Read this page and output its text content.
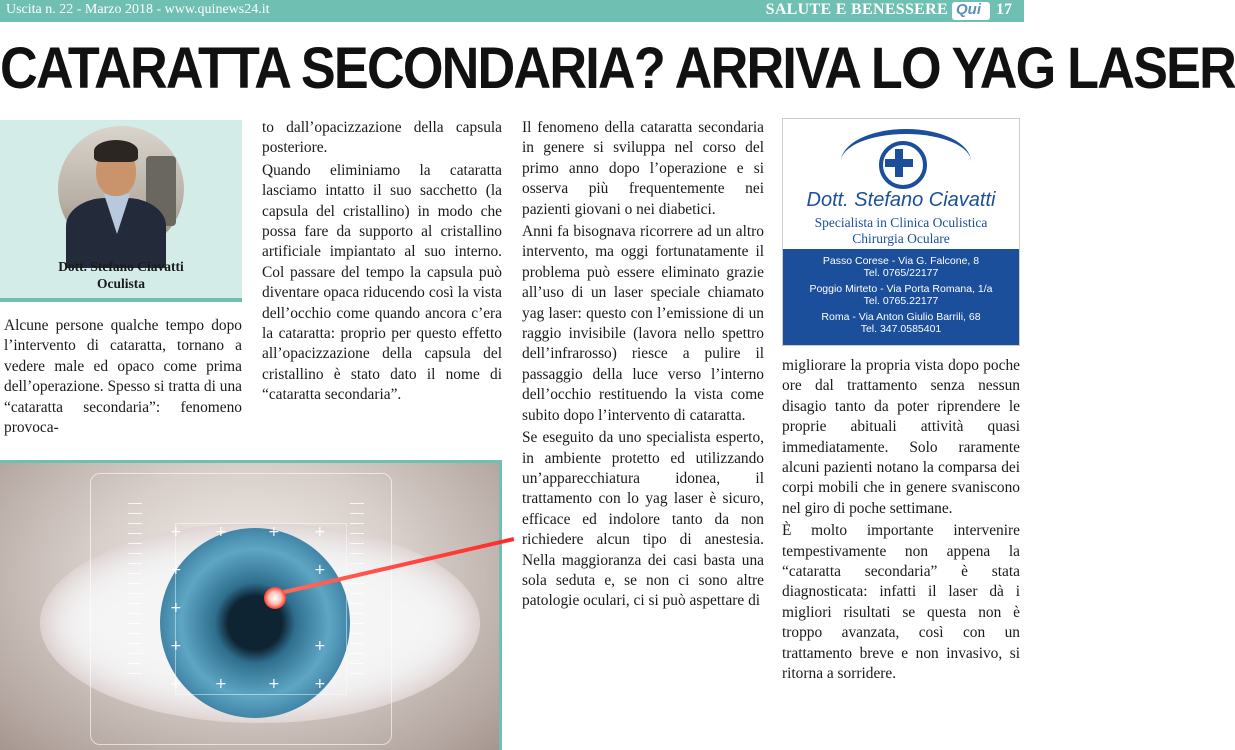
Uscita n. 22 - Marzo 2018 - www.quinews24.it	SALUTE E BENESSERE Qui 17
CATARATTA SECONDARIA? ARRIVA LO YAG LASER
Dott. Stefano Ciavatti
Oculista

Alcune persone qualche tempo dopo l’intervento di cataratta, tornano a vedere male ed opaco come prima dell’operazione. Spesso si tratta di una “cataratta secondaria”: fenomeno provoca-

to dall’opacizzazione della capsula posteriore.

Quando eliminiamo la cataratta lasciamo intatto il suo sacchetto (la capsula del cristallino) in modo che possa fare da supporto al cristallino artificiale impiantato al suo interno. Col passare del tempo la capsula può diventare opaca riducendo così la vista dell’occhio come quando ancora c’era la cataratta: proprio per questo effetto all’opacizzazione della capsula del cristallino è stato dato il nome di “cataratta secondaria”.

Il fenomeno della cataratta secondaria in genere si sviluppa nel corso del primo anno dopo l’operazione e si osserva più frequentemente nei pazienti giovani o nei diabetici.

Anni fa bisognava ricorrere ad un altro intervento, ma oggi fortunatamente il problema può essere eliminato grazie all’uso di un laser speciale chiamato yag laser: questo con l’emissione di un raggio invisibile (lavora nello spettro dell’infrarosso) riesce a pulire il passaggio della luce verso l’interno dell’occhio restituendo la vista come subito dopo l’intervento di cataratta.

Se eseguito da uno specialista esperto, in ambiente protetto ed utilizzando un’apparecchiatura idonea, il trattamento con lo yag laser è sicuro, efficace ed indolore tanto da non richiedere alcun tipo di anestesia. Nella maggioranza dei casi basta una sola seduta e, se non ci sono altre patologie oculari, ci si può aspettare di

migliorare la propria vista dopo poche ore dal trattamento senza nessun disagio tanto da poter riprendere le proprie abituali attività quasi immediatamente. Solo raramente alcuni pazienti notano la comparsa dei corpi mobili che in genere svaniscono nel giro di poche settimane.

È molto importante intervenire tempestivamente non appena la “cataratta secondaria” è stata diagnosticata: infatti il laser dà i migliori risultati se questa non è troppo avanzata, così con un trattamento breve e non invasivo, si ritorna a sorridere.

+ +	+ +
+	+
+
+	+
+ +	+ +
Dott. Stefano Ciavatti
Specialista in Clinica Oculistica
Chirurgia Oculare
Passo Corese - Via G. Falcone, 8
Tel. 0765/22177
Poggio Mirteto - Via Porta Romana, 1/a
Tel. 0765.22177
Roma - Via Anton Giulio Barrili, 68
Tel. 347.0585401
